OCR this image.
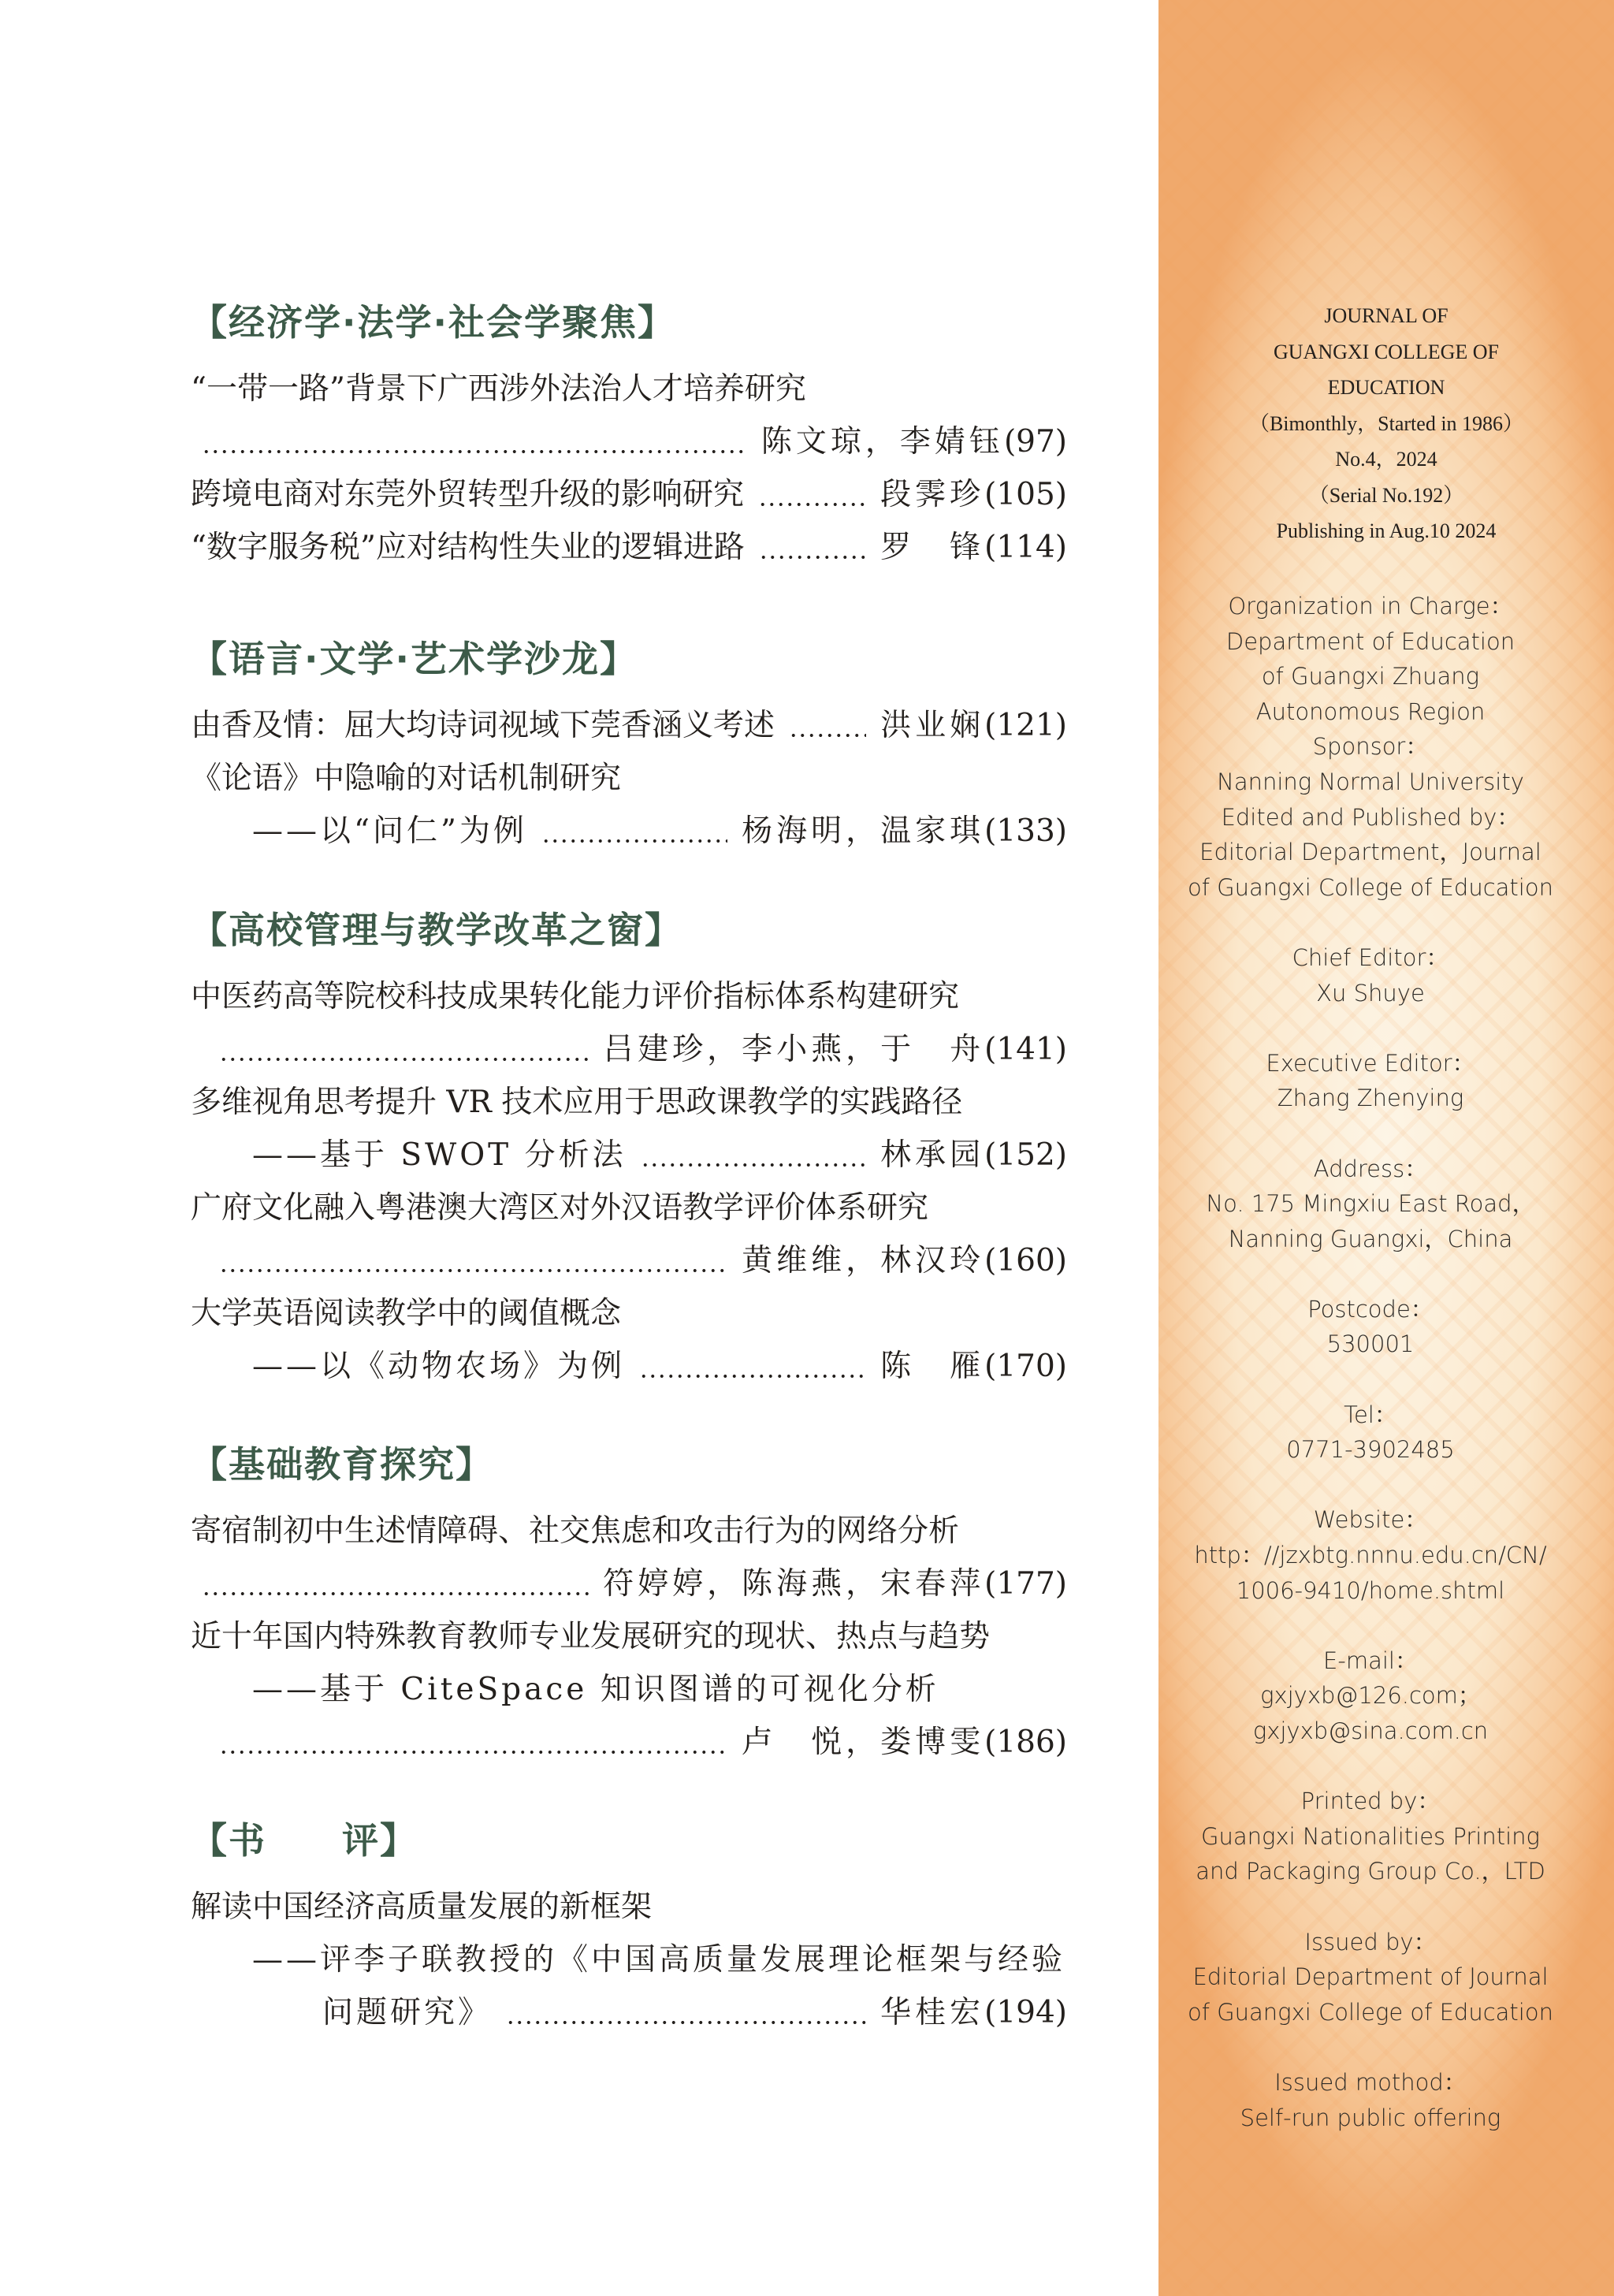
【经济学·法学·社会学聚焦】
“一带一路”背景下广西涉外法治人才培养研究
陈文琼，李婧钰 (97)
跨境电商对东莞外贸转型升级的影响研究	段霁珍 (105)
“数字服务税”应对结构性失业的逻辑进路	罗　锋 (114)
【语言·文学·艺术学沙龙】
由香及情：屈大均诗词视域下莞香涵义考述	洪业娴 (121)
《论语》中隐喻的对话机制研究
——以“问仁”为例	杨海明，温家琪 (133)
【高校管理与教学改革之窗】
中医药高等院校科技成果转化能力评价指标体系构建研究
吕建珍，李小燕，于　舟 (141)
多维视角思考提升 VR 技术应用于思政课教学的实践路径
——基于 SWOT 分析法	林承园 (152)
广府文化融入粤港澳大湾区对外汉语教学评价体系研究
黄维维，林汉玲 (160)
大学英语阅读教学中的阈值概念
——以《动物农场》为例	陈　雁 (170)
【基础教育探究】
寄宿制初中生述情障碍、社交焦虑和攻击行为的网络分析
符婷婷，陈海燕，宋春萍 (177)
近十年国内特殊教育教师专业发展研究的现状、热点与趋势
——基于 CiteSpace 知识图谱的可视化分析
卢　悦，娄博雯 (186)
【书　　评】
解读中国经济高质量发展的新框架
——评李子联教授的《中国高质量发展理论框架与经验
问题研究》	华桂宏 (194)
JOURNAL OF
GUANGXI COLLEGE OF
EDUCATION
（Bimonthly，Started in 1986）
No.4，2024
（Serial No.192）
Publishing in Aug.10 2024
Organization in Charge：
Department of Education
of Guangxi Zhuang
Autonomous Region
Sponsor：
Nanning Normal University
Edited and Published by：
Editorial Department，Journal
of Guangxi College of Education
Chief Editor：
Xu Shuye
Executive Editor：
Zhang Zhenying
Address：
No. 175 Mingxiu East Road，
Nanning Guangxi，China
Postcode：
530001
Tel：
0771-3902485
Website：
http：//jzxbtg.nnnu.edu.cn/CN/
1006-9410/home.shtml
E-mail：
gxjyxb@126.com；
gxjyxb@sina.com.cn
Printed by：
Guangxi Nationalities Printing
and Packaging Group Co.，LTD
Issued by：
Editorial Department of Journal
of Guangxi College of Education
Issued mothod：
Self-run public offering
